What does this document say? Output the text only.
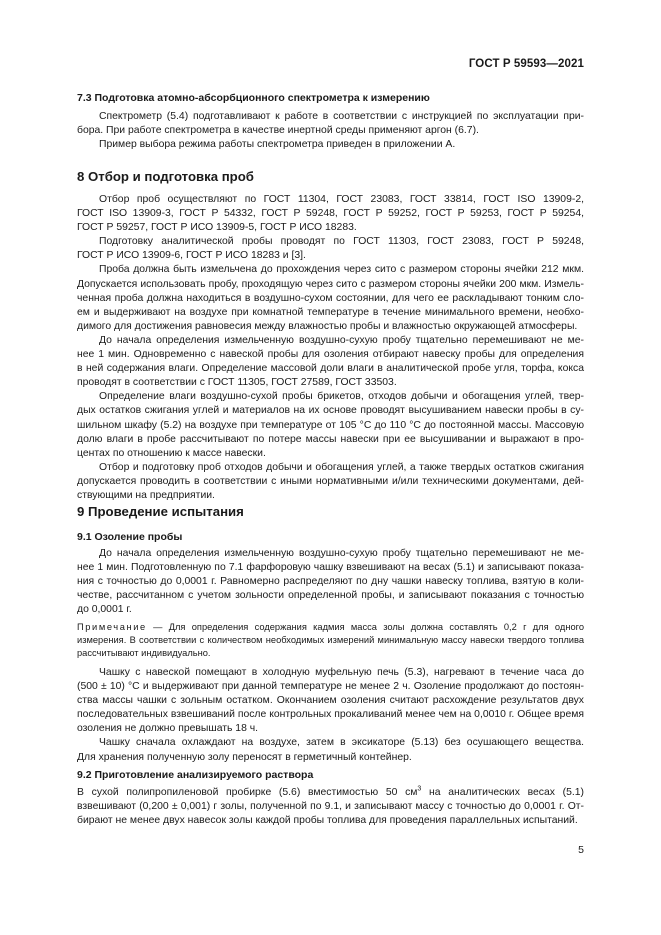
ГОСТ Р 59593—2021

7.3 Подготовка атомно-абсорбционного спектрометра к измерению

Спектрометр (5.4) подготавливают к работе в соответствии с инструкцией по эксплуатации при-

бора. При работе спектрометра в качестве инертной среды применяют аргон (6.7).

Пример выбора режима работы спектрометра приведен в приложении А.

8 Отбор и подготовка проб

Отбор проб осуществляют по ГОСТ 11304, ГОСТ 23083, ГОСТ 33814, ГОСТ ISO 13909-2,

ГОСТ ISO 13909-3, ГОСТ Р 54332, ГОСТ Р 59248, ГОСТ Р 59252, ГОСТ Р 59253, ГОСТ Р 59254,

ГОСТ Р 59257, ГОСТ Р ИСО 13909-5, ГОСТ Р ИСО 18283.

Подготовку аналитической пробы проводят по ГОСТ 11303, ГОСТ 23083, ГОСТ Р 59248,

ГОСТ Р ИСО 13909-6, ГОСТ Р ИСО 18283 и [3].

Проба должна быть измельчена до прохождения через сито с размером стороны ячейки 212 мкм.

Допускается использовать пробу, проходящую через сито с размером стороны ячейки 200 мкм. Измель-

ченная проба должна находиться в воздушно-сухом состоянии, для чего ее раскладывают тонким сло-

ем и выдерживают на воздухе при комнатной температуре в течение минимального времени, необхо-

димого для достижения равновесия между влажностью пробы и влажностью окружающей атмосферы.

До начала определения измельченную воздушно-сухую пробу тщательно перемешивают не ме-

нее 1 мин. Одновременно с навеской пробы для озоления отбирают навеску пробы для определения

в ней содержания влаги. Определение массовой доли влаги в аналитической пробе угля, торфа, кокса

проводят в соответствии с ГОСТ 11305, ГОСТ 27589, ГОСТ 33503.

Определение влаги воздушно-сухой пробы брикетов, отходов добычи и обогащения углей, твер-

дых остатков сжигания углей и материалов на их основе проводят высушиванием навески пробы в су-

шильном шкафу (5.2) на воздухе при температуре от 105 °С до 110 °С до постоянной массы. Массовую

долю влаги в пробе рассчитывают по потере массы навески при ее высушивании и выражают в про-

центах по отношению к массе навески.

Отбор и подготовку проб отходов добычи и обогащения углей, а также твердых остатков сжигания

допускается проводить в соответствии с иными нормативными и/или техническими документами, дей-

ствующими на предприятии.

9 Проведение испытания

9.1 Озоление пробы

До начала определения измельченную воздушно-сухую пробу тщательно перемешивают не ме-

нее 1 мин. Подготовленную по 7.1 фарфоровую чашку взвешивают на весах (5.1) и записывают показа-

ния с точностью до 0,0001 г. Равномерно распределяют по дну чашки навеску топлива, взятую в коли-

честве, рассчитанном с учетом зольности определенной пробы, и записывают показания с точностью

до 0,0001 г.

Примечание — Для определения содержания кадмия масса золы должна составлять 0,2 г для одного

измерения. В соответствии с количеством необходимых измерений минимальную массу навески твердого топлива

рассчитывают индивидуально.

Чашку с навеской помещают в холодную муфельную печь (5.3), нагревают в течение часа до

(500 ± 10) °С и выдерживают при данной температуре не менее 2 ч. Озоление продолжают до постоян-

ства массы чашки с зольным остатком. Окончанием озоления считают расхождение результатов двух

последовательных взвешиваний после контрольных прокаливаний менее чем на 0,0010 г. Общее время

озоления не должно превышать 18 ч.

Чашку сначала охлаждают на воздухе, затем в эксикаторе (5.13) без осушающего вещества.

Для хранения полученную золу переносят в герметичный контейнер.

9.2 Приготовление анализируемого раствора

В сухой полипропиленовой пробирке (5.6) вместимостью 50 $см^3$ на аналитических весах (5.1)

взвешивают (0,200 ± 0,001) г золы, полученной по 9.1, и записывают массу с точностью до 0,0001 г. От-

бирают не менее двух навесок золы каждой пробы топлива для проведения параллельных испытаний.

5
